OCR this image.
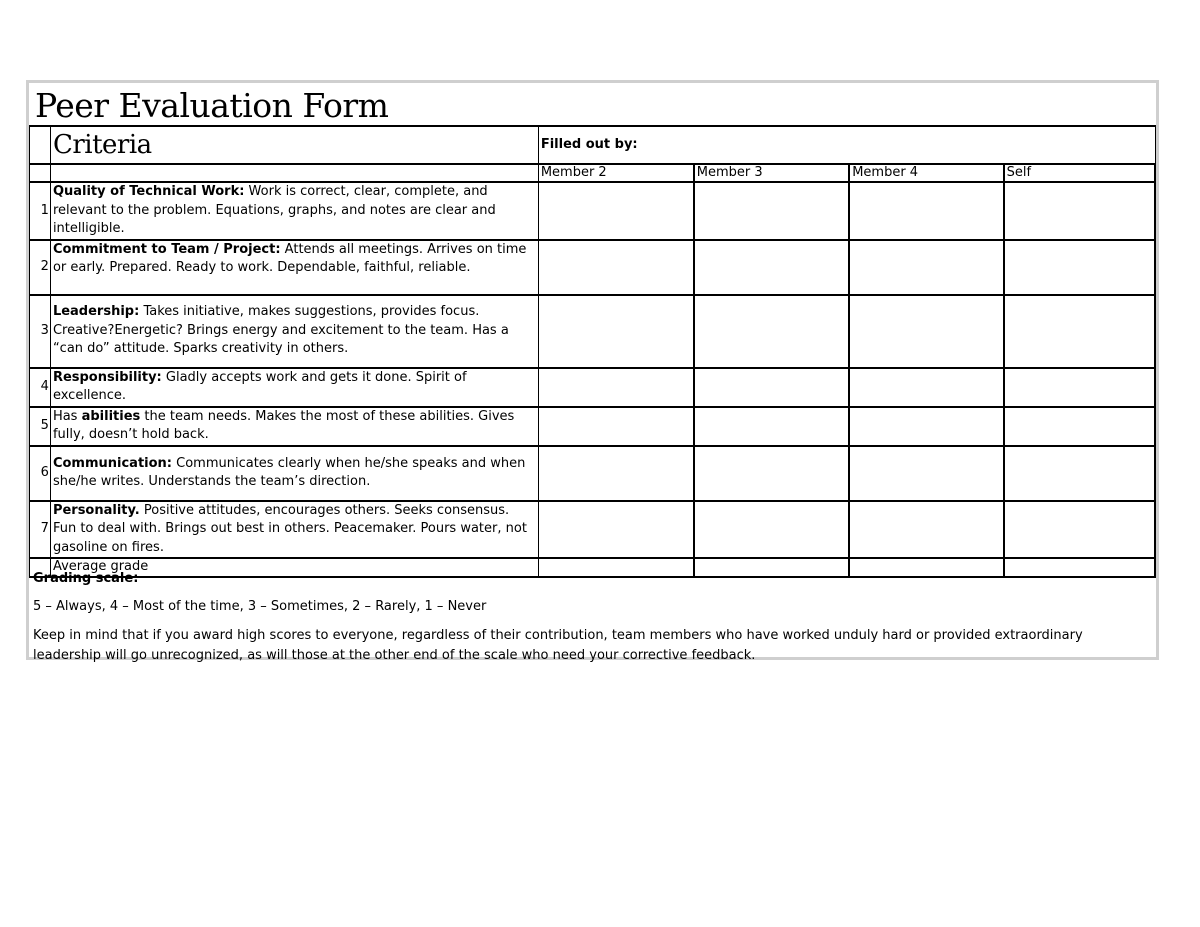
Peer Evaluation Form
	Criteria	Filled out by:			
		Member 2	Member 3	Member 4	Self
1	Quality of Technical Work: Work is correct, clear, complete, and relevant to the problem. Equations, graphs, and notes are clear and intelligible.				
2	Commitment to Team / Project: Attends all meetings. Arrives on time or early. Prepared. Ready to work. Dependable, faithful, reliable.				
3	Leadership: Takes initiative, makes suggestions, provides focus. Creative?Energetic? Brings energy and excitement to the team. Has a “can do” attitude. Sparks creativity in others.				
4	Responsibility: Gladly accepts work and gets it done. Spirit of excellence.				
5	Has abilities the team needs. Makes the most of these abilities. Gives fully, doesn’t hold back.				
6	Communication: Communicates clearly when he/she speaks and when she/he writes. Understands the team’s direction.				
7	Personality. Positive attitudes, encourages others. Seeks consensus. Fun to deal with. Brings out best in others. Peacemaker. Pours water, not gasoline on fires.				
	Average grade				
Grading scale:
5 – Always, 4 – Most of the time, 3 – Sometimes, 2 – Rarely, 1 – Never
Keep in mind that if you award high scores to everyone, regardless of their contribution, team members who have worked unduly hard or provided extraordinary leadership will go unrecognized, as will those at the other end of the scale who need your corrective feedback.
